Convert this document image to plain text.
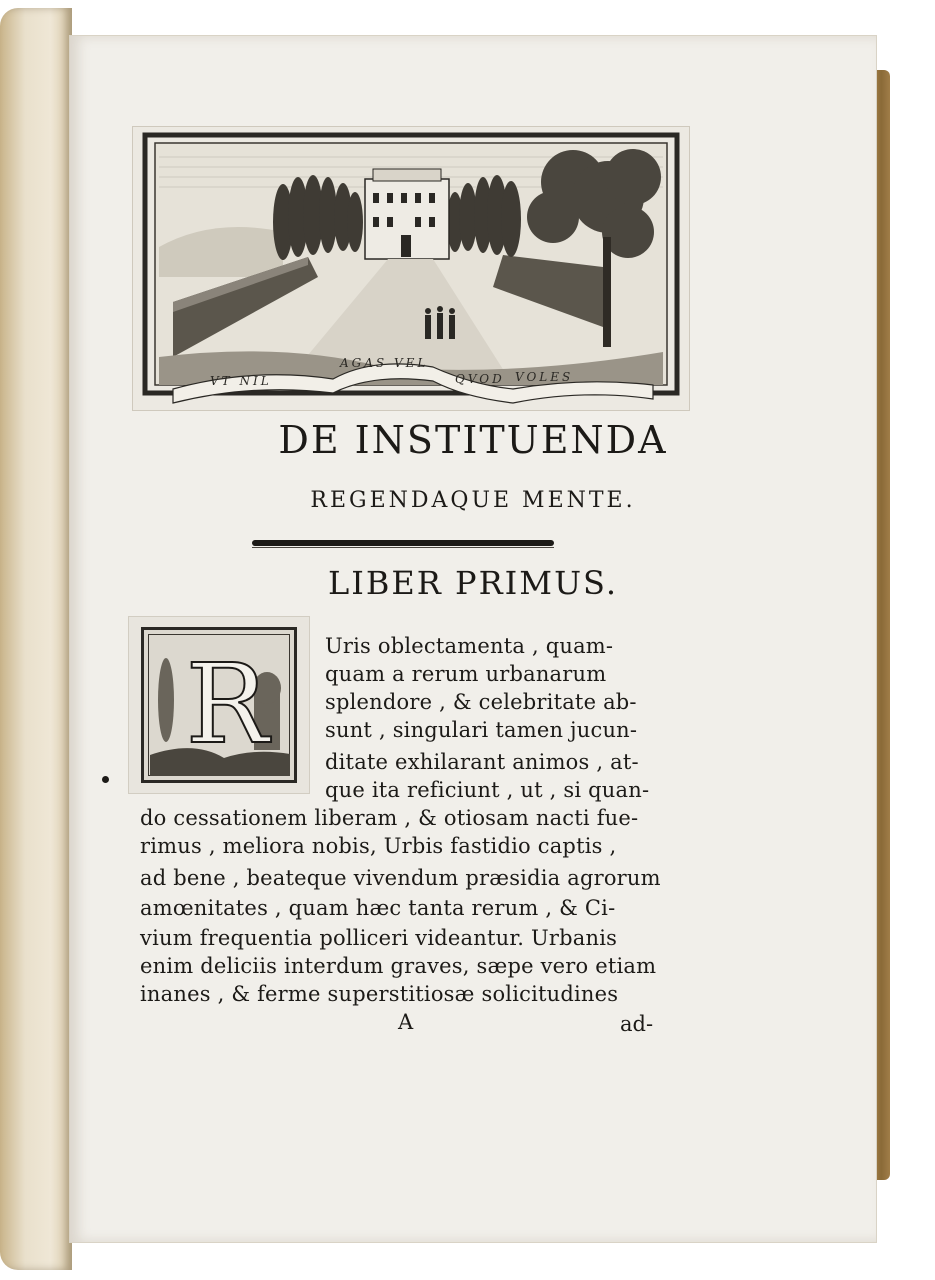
VT NIL
AGAS VEL
QVOD VOLES
DE INSTITUENDA
REGENDAQUE MENTE.
LIBER PRIMUS.
R	Uris oblectamenta , quam-
quam a rerum urbanarum
splendore , & celebritate ab-
sunt , singulari tamen jucun-
ditate exhilarant animos , at-
que ita reficiunt , ut , si quan-
do cessationem liberam , & otiosam nacti fue-
rimus , meliora nobis, Urbis fastidio captis ,
ad bene , beateque vivendum præsidia agrorum
amœnitates , quam hæc tanta rerum , & Ci-
vium frequentia polliceri videantur. Urbanis
enim deliciis interdum graves, sæpe vero etiam
inanes , & ferme superstitiosæ solicitudines
A	ad-
